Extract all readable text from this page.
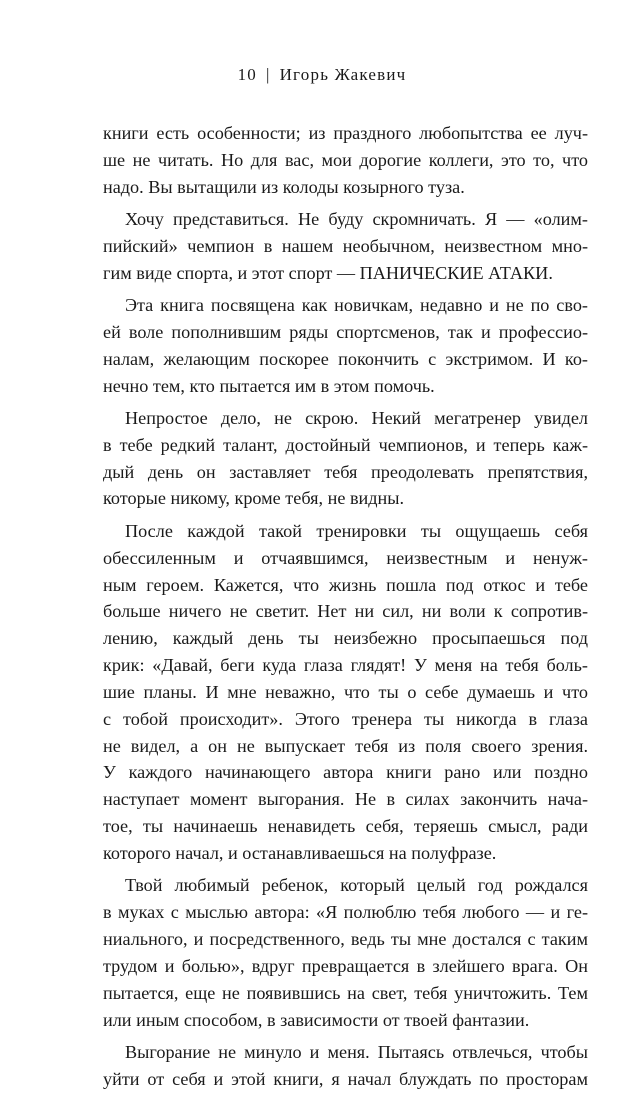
10 | Игорь Жакевич
книги есть особенности; из праздного любопытства ее луч-
ше не читать. Но для вас, мои дорогие коллеги, это то, что
надо. Вы вытащили из колоды козырного туза.
Хочу представиться. Не буду скромничать. Я — «олим-
пийский» чемпион в нашем необычном, неизвестном мно-
гим виде спорта, и этот спорт — ПАНИЧЕСКИЕ АТАКИ.
Эта книга посвящена как новичкам, недавно и не по сво-
ей воле пополнившим ряды спортсменов, так и профессио-
налам, желающим поскорее покончить с экстримом. И ко-
нечно тем, кто пытается им в этом помочь.
Непростое дело, не скрою. Некий мегатренер увидел
в тебе редкий талант, достойный чемпионов, и теперь каж-
дый день он заставляет тебя преодолевать препятствия,
которые никому, кроме тебя, не видны.
После каждой такой тренировки ты ощущаешь себя
обессиленным и отчаявшимся, неизвестным и ненуж-
ным героем. Кажется, что жизнь пошла под откос и тебе
больше ничего не светит. Нет ни сил, ни воли к сопротив-
лению, каждый день ты неизбежно просыпаешься под
крик: «Давай, беги куда глаза глядят! У меня на тебя боль-
шие планы. И мне неважно, что ты о себе думаешь и что
с тобой происходит». Этого тренера ты никогда в глаза
не видел, а он не выпускает тебя из поля своего зрения.
У каждого начинающего автора книги рано или поздно
наступает момент выгорания. Не в силах закончить нача-
тое, ты начинаешь ненавидеть себя, теряешь смысл, ради
которого начал, и останавливаешься на полуфразе.
Твой любимый ребенок, который целый год рождался
в муках с мыслью автора: «Я полюблю тебя любого — и ге-
ниального, и посредственного, ведь ты мне достался с таким
трудом и болью», вдруг превращается в злейшего врага. Он
пытается, еще не появившись на свет, тебя уничтожить. Тем
или иным способом, в зависимости от твоей фантазии.
Выгорание не минуло и меня. Пытаясь отвлечься, чтобы
уйти от себя и этой книги, я начал блуждать по просторам
